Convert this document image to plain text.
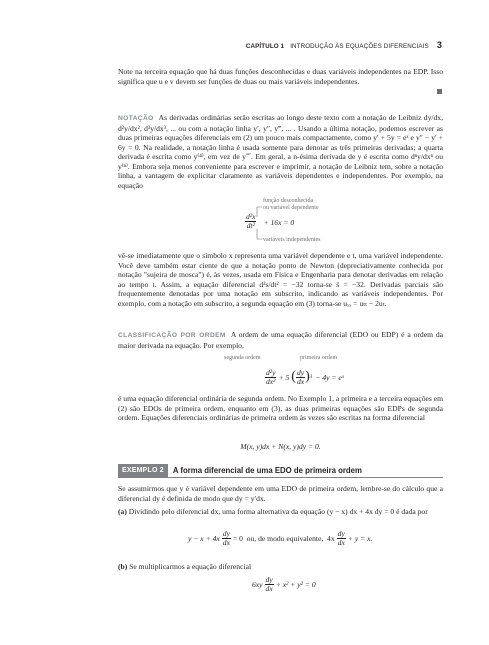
CAPÍTULO 1 INTRODUÇÃO ÀS EQUAÇÕES DIFERENCIAIS 3

Note na terceira equação que há duas funções desconhecidas e duas variáveis independentes na EDP. Isso significa que u e v devem ser funções de duas ou mais variáveis independentes.

NOTAÇÃO As derivadas ordinárias serão escritas ao longo deste texto com a notação de Leibniz dy/dx, d²y/dx², d³y/dx³, ... ou com a notação linha y′, y″, y‴, ... . Usando a última notação, podemos escrever as duas primeiras equações diferenciais em (2) um pouco mais compactamente, como y′ + 5y = eˣ e y″ − y′ + 6y = 0. Na realidade, a notação linha é usada somente para denotar as três primeiras derivadas; a quarta derivada é escrita como y⁽⁴⁾, em vez de y⁗. Em geral, a n-ésima derivada de y é escrita como dⁿy/dxⁿ ou y⁽ⁿ⁾. Embora seja menos conveniente para escrever e imprimir, a notação de Leibniz tem, sobre a notação linha, a vantagem de explicitar claramente as variáveis dependentes e independentes. Por exemplo, na equação

$\frac{\text{d²x}}{\text{dt²}} + 16x = 0$
função desconhecida
ou variável dependente
variáveis independentes

vê-se imediatamente que o símbolo x representa uma variável dependente e t, uma variável independente. Você deve também estar ciente de que a notação ponto de Newton (depreciativamente conhecida por notação "sujeira de mosca") é, às vezes, usada em Física e Engenharia para denotar derivadas em relação ao tempo t. Assim, a equação diferencial d²s/dt² = −32 torna-se s̈ = −32. Derivadas parciais são frequentemente denotadas por uma notação em subscrito, indicando as variáveis independentes. Por exemplo, com a notação em subscrito, a segunda equação em (3) torna-se uₓₓ = uₜₜ − 2uₜ.

CLASSIFICAÇÃO POR ORDEM A ordem de uma equação diferencial (EDO ou EDP) é a ordem da maior derivada na equação. Por exemplo,

segunda ordem	primeira ordem
$\frac{\text{d²y}}{\text{dx²}} + 5$ ( $\frac{dy}{dx}$ ) 3 − 4y = eˣ

é uma equação diferencial ordinária de segunda ordem. No Exemplo 1, a primeira e a terceira equações em (2) são EDOs de primeira ordem, enquanto em (3), as duas primeiras equações são EDPs de segunda ordem. Equações diferenciais ordinárias de primeira ordem às vezes são escritas na forma diferencial

M(x, y)dx + N(x, y)dy = 0.
EXEMPLO 2	A forma diferencial de uma EDO de primeira ordem

Se assumirmos que y é variável dependente em uma EDO de primeira ordem, lembre-se do cálculo que a diferencial dy é definida de modo que dy = y′dx.

(a) Dividindo pelo diferencial dx, uma forma alternativa da equação (y − x) dx + 4x dy = 0 é dada por

$y - x + 4x \frac{dy}{dx} = 0$  ou, de modo equivalente,  $4x \frac{dy}{dx} + y = x$.

(b) Se multiplicarmos a equação diferencial

$6xy \frac{dy}{dx} + x^2 + y^2 = 0$
